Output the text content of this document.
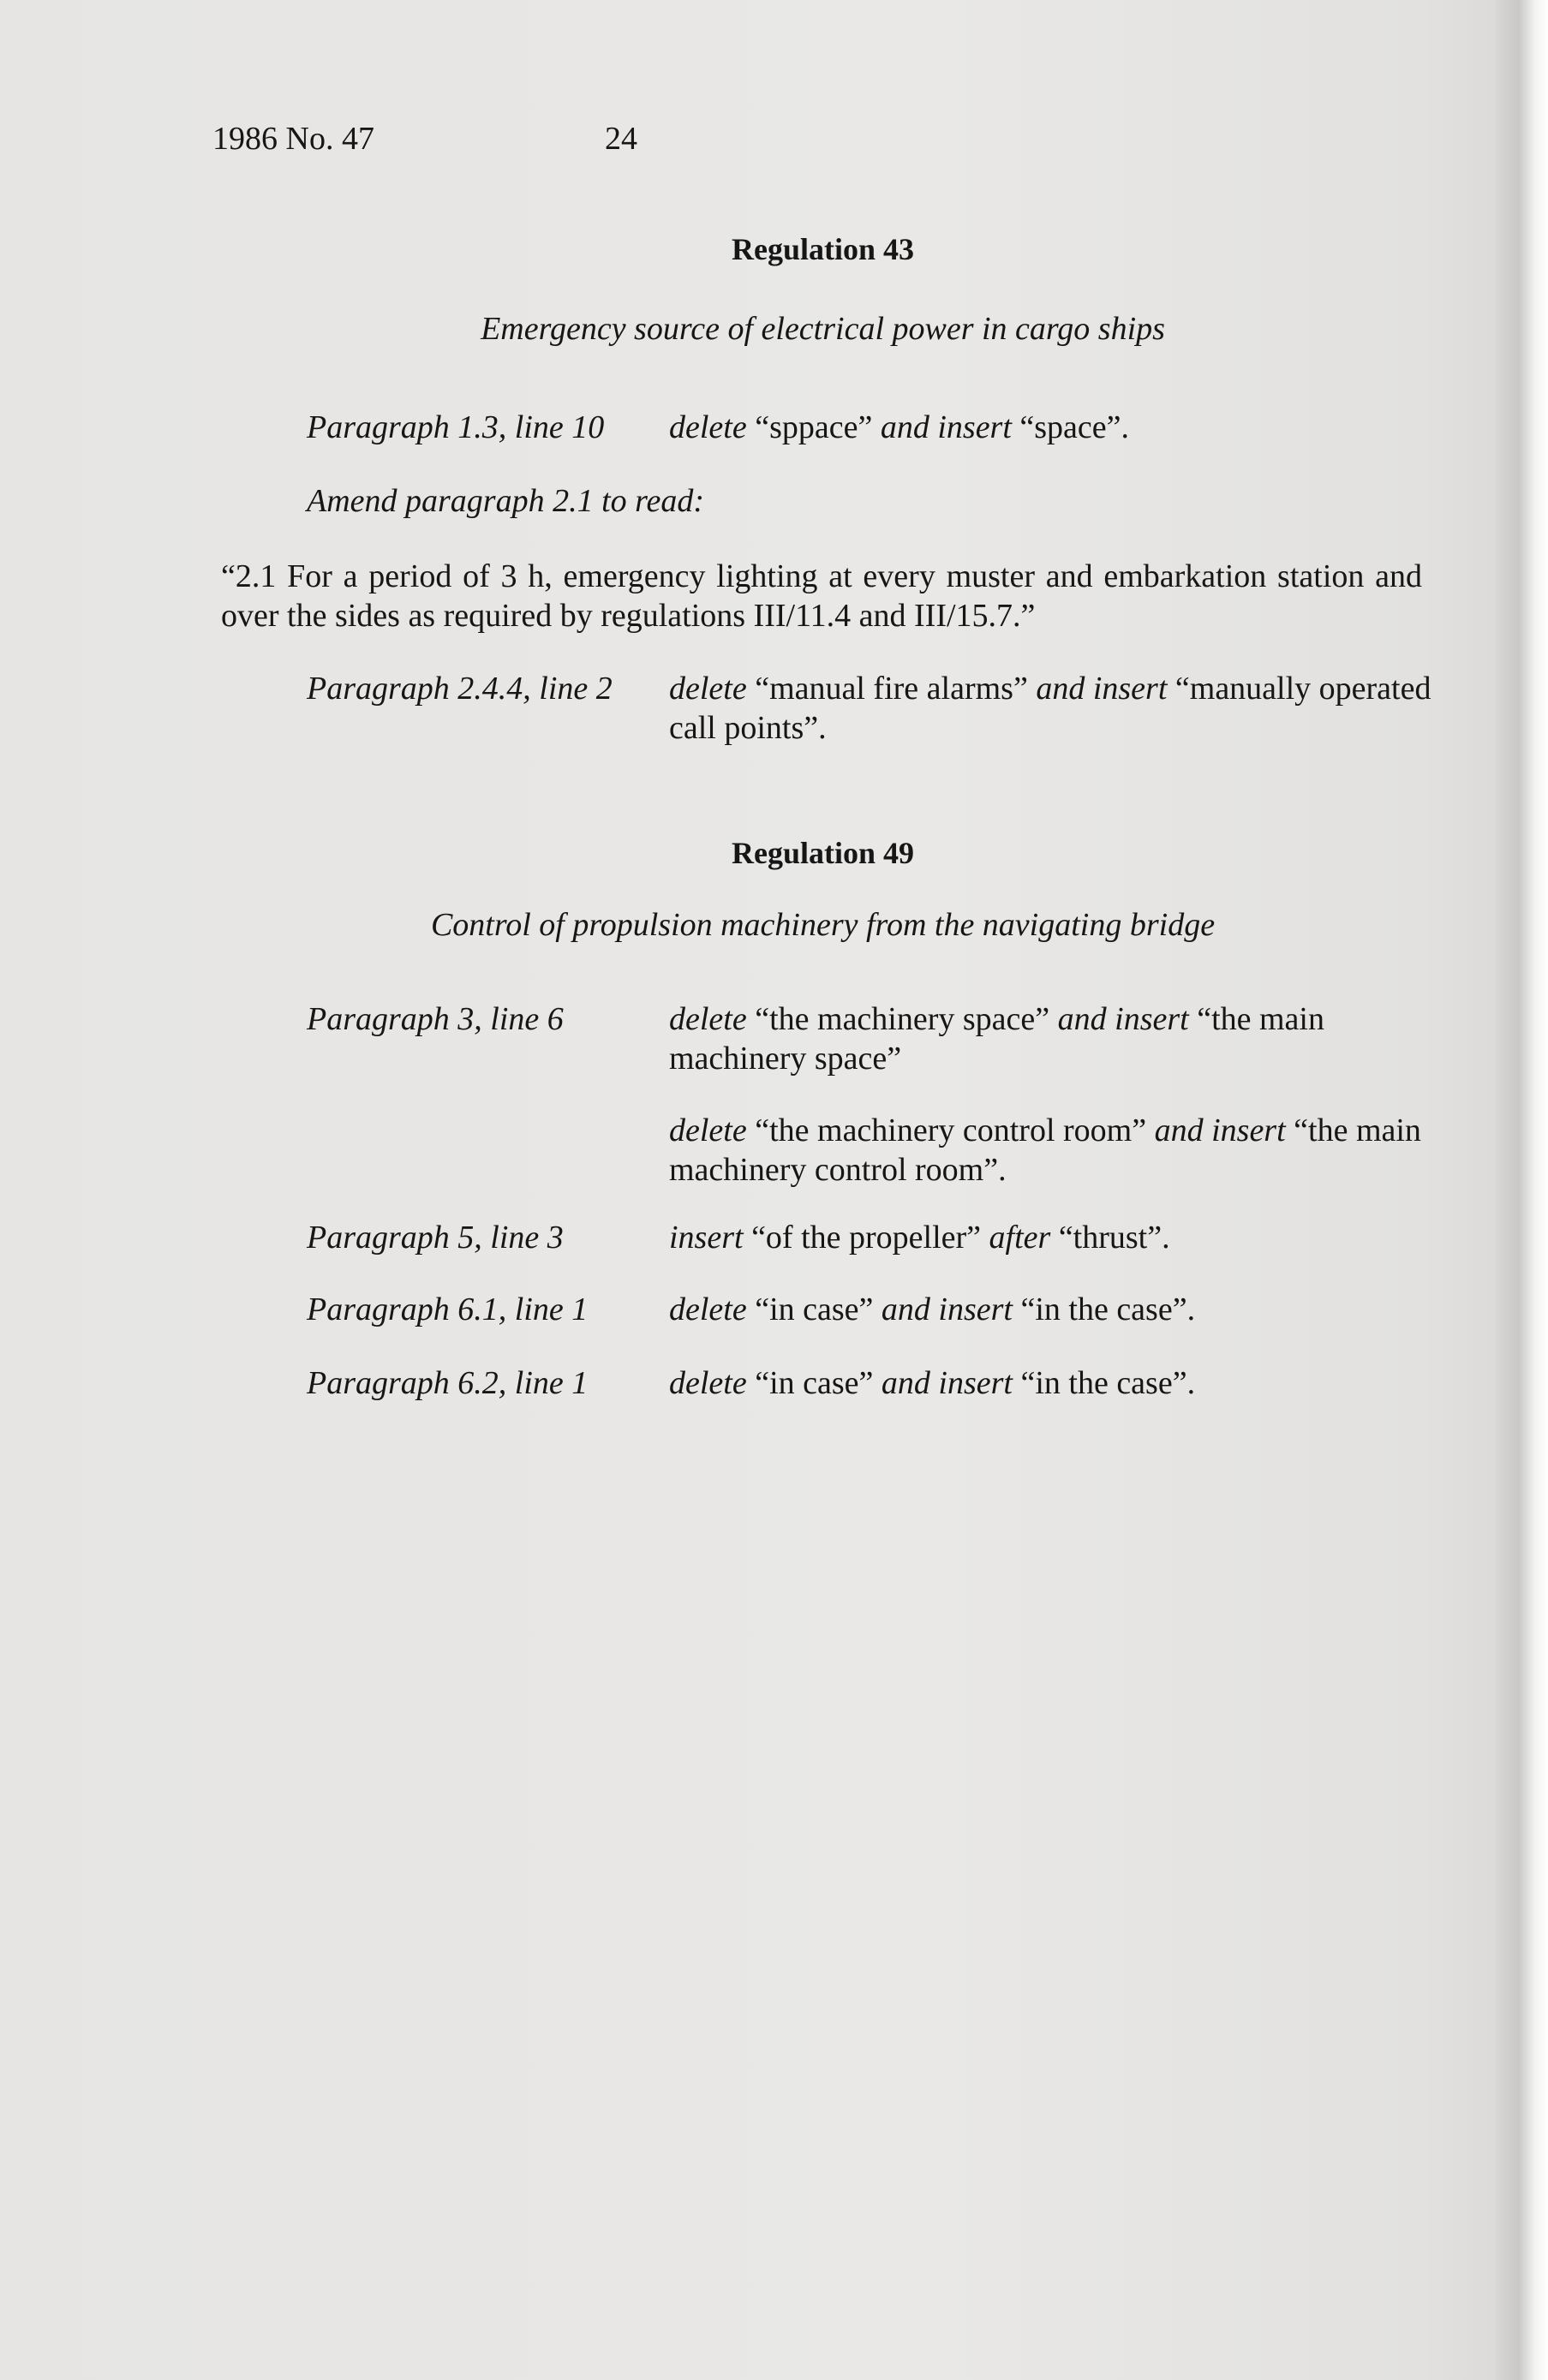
1986 No. 47	24
Regulation 43
Emergency source of electrical power in cargo ships
Paragraph 1.3, line 10	delete “sppace” and insert “space”.
Amend paragraph 2.1 to read:
“2.1 For a period of 3 h, emergency lighting at every muster and embarkation station and over the sides as required by regulations III/11.4 and III/15.7.”
Paragraph 2.4.4, line 2	delete “manual fire alarms” and insert “manually operated call points”.
Regulation 49
Control of propulsion machinery from the navigating bridge
Paragraph 3, line 6	delete “the machinery space” and insert “the main machinery space”
delete “the machinery control room” and insert “the main machinery control room”.
Paragraph 5, line 3	insert “of the propeller” after “thrust”.
Paragraph 6.1, line 1	delete “in case” and insert “in the case”.
Paragraph 6.2, line 1	delete “in case” and insert “in the case”.
